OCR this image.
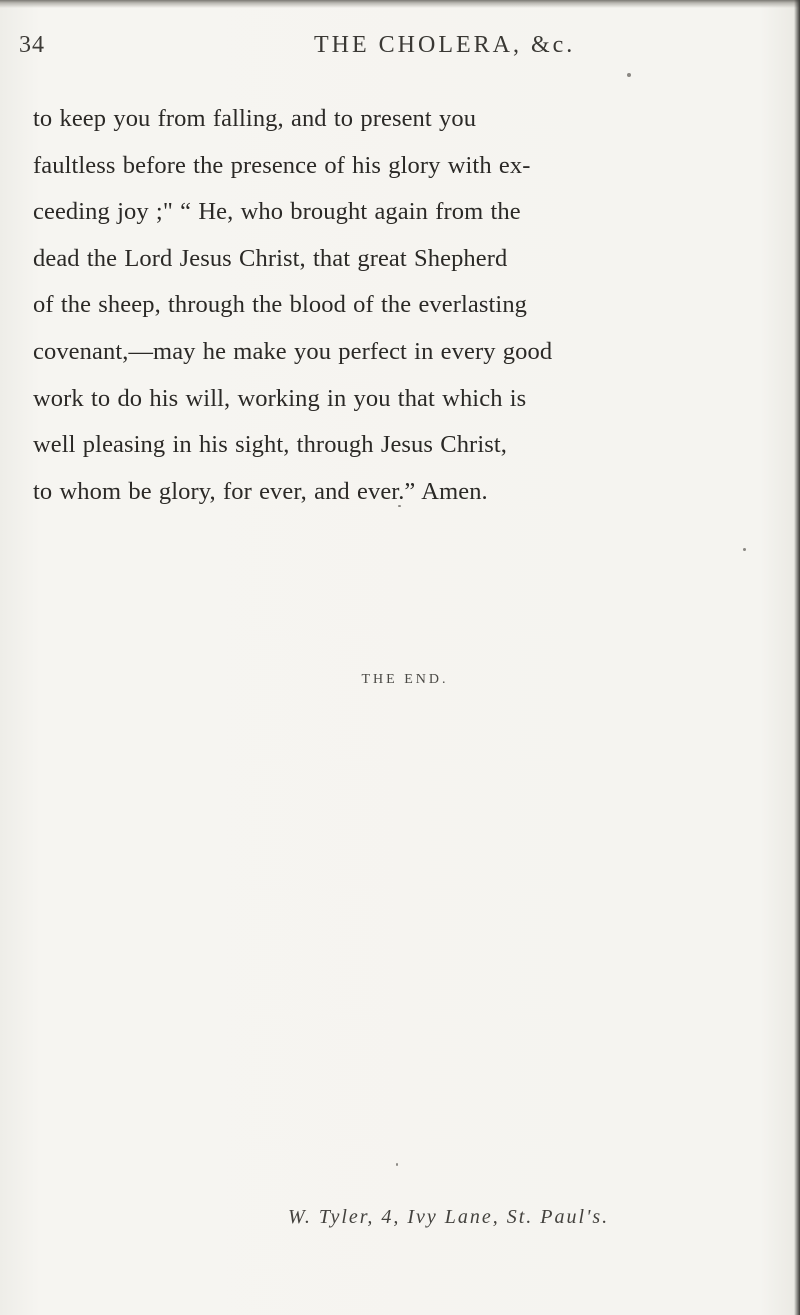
34	THE CHOLERA, &c.
to keep you from falling, and to present you
faultless before the presence of his glory with ex-
ceeding joy ;" “ He, who brought again from the
dead the Lord Jesus Christ, that great Shepherd
of the sheep, through the blood of the everlasting
covenant,—may he make you perfect in every good
work to do his will, working in you that which is
well pleasing in his sight, through Jesus Christ,
to whom be glory, for ever, and ever.” Amen.
THE END.
W. Tyler, 4, Ivy Lane, St. Paul's.
